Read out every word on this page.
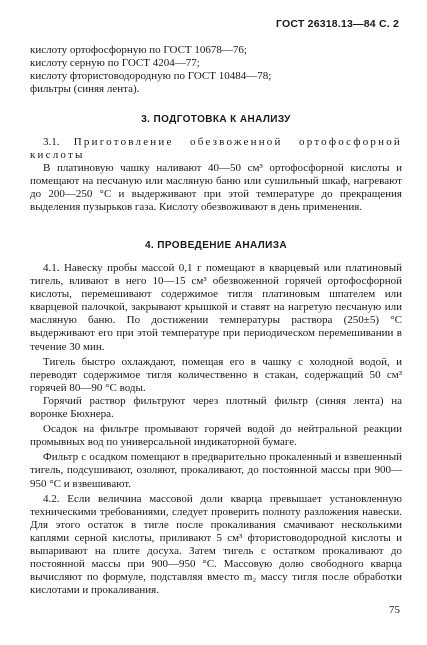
ГОСТ 26318.13—84 С. 2

кислоту ортофосфорную по ГОСТ 10678—76;

кислоту серную по ГОСТ 4204—77;

кислоту фтористоводородную по ГОСТ 10484—78;

фильтры (синяя лента).

3. ПОДГОТОВКА К АНАЛИЗУ

3.1. Приготовление обезвоженной ортофосфорной кислоты

В платиновую чашку наливают 40—50 см³ ортофосфорной кислоты и помещают на песчаную или масляную баню или сушильный шкаф, нагревают до 200—250 °С и выдерживают при этой температуре до прекращения выделения пузырьков газа. Кислоту обезвоживают в день применения.

4. ПРОВЕДЕНИЕ АНАЛИЗА

4.1. Навеску пробы массой 0,1 г помещают в кварцевый или платиновый тигель, вливают в него 10—15 см³ обезвоженной горячей ортофосфорной кислоты, перемешивают содержимое тигля платиновым шпателем или кварцевой палочкой, закрывают крышкой и ставят на нагретую песчаную или масляную баню. По достижении температуры раствора (250±5) °С выдерживают его при этой температуре при периодическом перемешивании в течение 30 мин.

Тигель быстро охлаждают, помещая его в чашку с холодной водой, и переводят содержимое тигля количественно в стакан, содержащий 50 см³ горячей 80—90 °С воды.

Горячий раствор фильтруют через плотный фильтр (синяя лента) на воронке Бюхнера.

Осадок на фильтре промывают горячей водой до нейтральной реакции промывных вод по универсальной индикаторной бумаге.

Фильтр с осадком помещают в предварительно прокаленный и взвешенный тигель, подсушивают, озоляют, прокаливают, до постоянной массы при 900—950 °С и взвешивают.

4.2. Если величина массовой доли кварца превышает установленную техническими требованиями, следует проверить полноту разложения навески. Для этого остаток в тигле после прокаливания смачивают несколькими каплями серной кислоты, приливают 5 см³ фтористоводородной кислоты и выпаривают на плите досуха. Затем тигель с остатком прокаливают до постоянной массы при 900—950 °С. Массовую долю свободного кварца вычисляют по формуле, подставляя вместо m₂ массу тигля после обработки кислотами и прокаливания.

75
